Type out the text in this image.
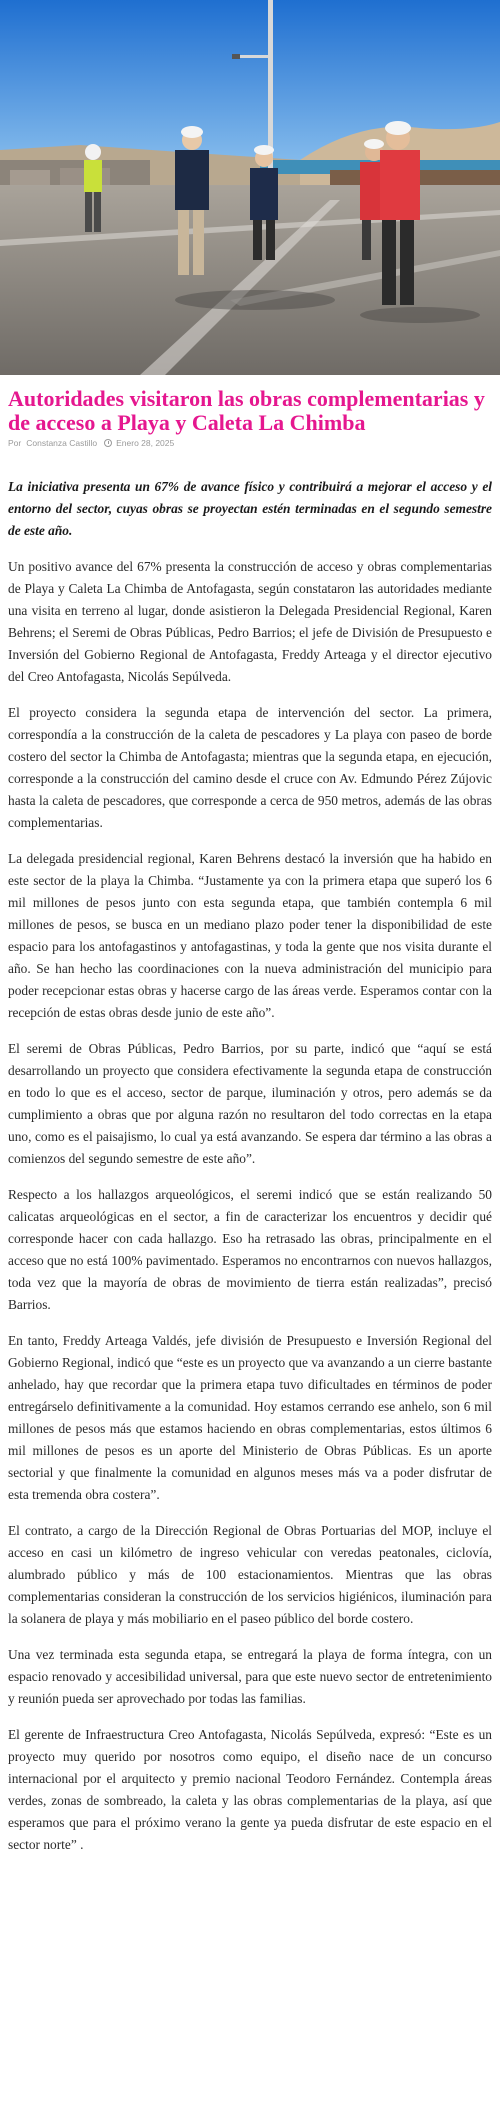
Autoridades visitaron las obras complementarias y de acceso a Playa y Caleta La Chimba
Por Constanza Castillo Enero 28, 2025

La iniciativa presenta un 67% de avance físico y contribuirá a mejorar el acceso y el entorno del sector, cuyas obras se proyectan estén terminadas en el segundo semestre de este año.

Un positivo avance del 67% presenta la construcción de acceso y obras complementarias de Playa y Caleta La Chimba de Antofagasta, según constataron las autoridades mediante una visita en terreno al lugar, donde asistieron la Delegada Presidencial Regional, Karen Behrens; el Seremi de Obras Públicas, Pedro Barrios; el jefe de División de Presupuesto e Inversión del Gobierno Regional de Antofagasta, Freddy Arteaga y el director ejecutivo del Creo Antofagasta, Nicolás Sepúlveda.

El proyecto considera la segunda etapa de intervención del sector. La primera, correspondía a la construcción de la caleta de pescadores y La playa con paseo de borde costero del sector la Chimba de Antofagasta; mientras que la segunda etapa, en ejecución, corresponde a la construcción del camino desde el cruce con Av. Edmundo Pérez Zújovic hasta la caleta de pescadores, que corresponde a cerca de 950 metros, además de las obras complementarias.

La delegada presidencial regional, Karen Behrens destacó la inversión que ha habido en este sector de la playa la Chimba. “Justamente ya con la primera etapa que superó los 6 mil millones de pesos junto con esta segunda etapa, que también contempla 6 mil millones de pesos, se busca en un mediano plazo poder tener la disponibilidad de este espacio para los antofagastinos y antofagastinas, y toda la gente que nos visita durante el año. Se han hecho las coordinaciones con la nueva administración del municipio para poder recepcionar estas obras y hacerse cargo de las áreas verde. Esperamos contar con la recepción de estas obras desde junio de este año”.

El seremi de Obras Públicas, Pedro Barrios, por su parte, indicó que “aquí se está desarrollando un proyecto que considera efectivamente la segunda etapa de construcción en todo lo que es el acceso, sector de parque, iluminación y otros, pero además se da cumplimiento a obras que por alguna razón no resultaron del todo correctas en la etapa uno, como es el paisajismo, lo cual ya está avanzando. Se espera dar término a las obras a comienzos del segundo semestre de este año”.

Respecto a los hallazgos arqueológicos, el seremi indicó que se están realizando 50 calicatas arqueológicas en el sector, a fin de caracterizar los encuentros y decidir qué corresponde hacer con cada hallazgo. Eso ha retrasado las obras, principalmente en el acceso que no está 100% pavimentado. Esperamos no encontrarnos con nuevos hallazgos, toda vez que la mayoría de obras de movimiento de tierra están realizadas”, precisó Barrios.

En tanto, Freddy Arteaga Valdés, jefe división de Presupuesto e Inversión Regional del Gobierno Regional, indicó que “este es un proyecto que va avanzando a un cierre bastante anhelado, hay que recordar que la primera etapa tuvo dificultades en términos de poder entregárselo definitivamente a la comunidad. Hoy estamos cerrando ese anhelo, son 6 mil millones de pesos más que estamos haciendo en obras complementarias, estos últimos 6 mil millones de pesos es un aporte del Ministerio de Obras Públicas. Es un aporte sectorial y que finalmente la comunidad en algunos meses más va a poder disfrutar de esta tremenda obra costera”.

El contrato, a cargo de la Dirección Regional de Obras Portuarias del MOP, incluye el acceso en casi un kilómetro de ingreso vehicular con veredas peatonales, ciclovía, alumbrado público y más de 100 estacionamientos. Mientras que las obras complementarias consideran la construcción de los servicios higiénicos, iluminación para la solanera de playa y más mobiliario en el paseo público del borde costero.

Una vez terminada esta segunda etapa, se entregará la playa de forma íntegra, con un espacio renovado y accesibilidad universal, para que este nuevo sector de entretenimiento y reunión pueda ser aprovechado por todas las familias.

El gerente de Infraestructura Creo Antofagasta, Nicolás Sepúlveda, expresó: “Este es un proyecto muy querido por nosotros como equipo, el diseño nace de un concurso internacional por el arquitecto y premio nacional Teodoro Fernández. Contempla áreas verdes, zonas de sombreado, la caleta y las obras complementarias de la playa, así que esperamos que para el próximo verano la gente ya pueda disfrutar de este espacio en el sector norte” .
